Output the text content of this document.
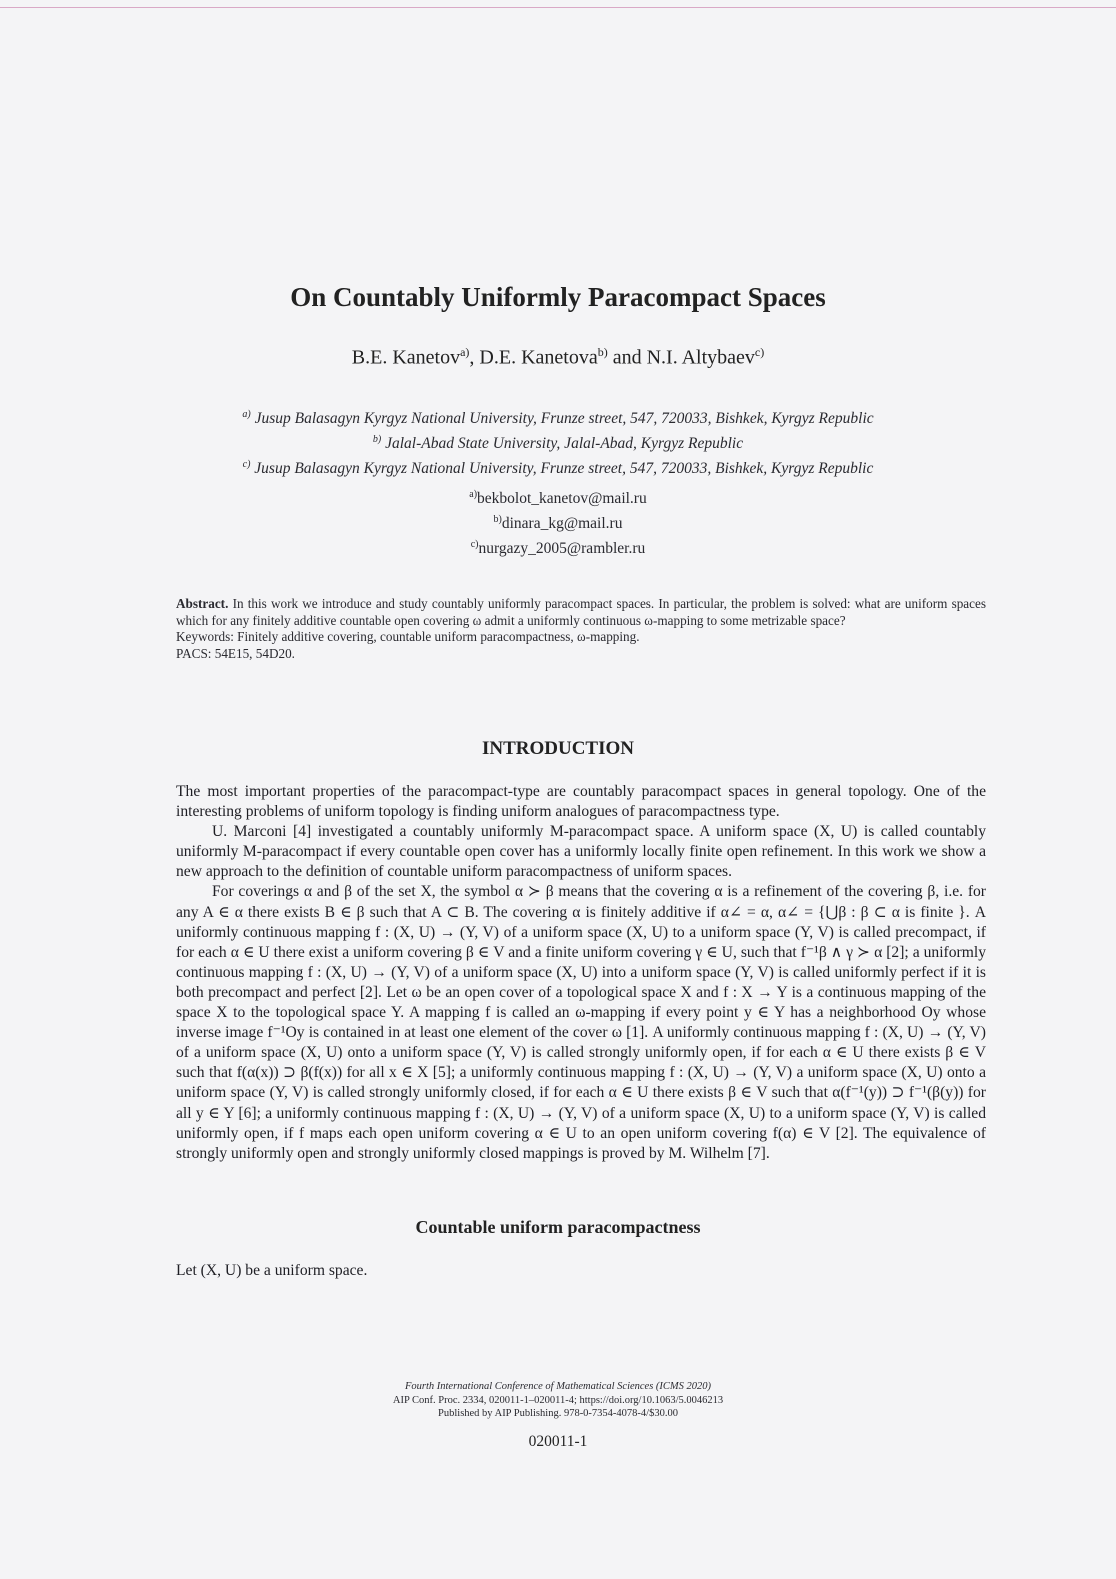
On Countably Uniformly Paracompact Spaces
B.E. Kanetov$^{a)}$, D.E. Kanetova$^{b)}$ and N.I. Altybaev$^{c)}$
$^{a)}$ Jusup Balasagyn Kyrgyz National University, Frunze street, 547, 720033, Bishkek, Kyrgyz Republic
$^{b)}$ Jalal-Abad State University, Jalal-Abad, Kyrgyz Republic
$^{c)}$ Jusup Balasagyn Kyrgyz National University, Frunze street, 547, 720033, Bishkek, Kyrgyz Republic
$^{a)}$bekbolot_kanetov@mail.ru
$^{b)}$dinara_kg@mail.ru
$^{c)}$nurgazy_2005@rambler.ru
Abstract. In this work we introduce and study countably uniformly paracompact spaces. In particular, the problem is solved: what are uniform spaces which for any finitely additive countable open covering ω admit a uniformly continuous ω-mapping to some metrizable space?

Keywords: Finitely additive covering, countable uniform paracompactness, ω-mapping.

PACS: 54E15, 54D20.

INTRODUCTION

The most important properties of the paracompact-type are countably paracompact spaces in general topology. One of the interesting problems of uniform topology is finding uniform analogues of paracompactness type.

U. Marconi [4] investigated a countably uniformly M-paracompact space. A uniform space (X, U) is called countably uniformly M-paracompact if every countable open cover has a uniformly locally finite open refinement. In this work we show a new approach to the definition of countable uniform paracompactness of uniform spaces.

For coverings α and β of the set X, the symbol α ≻ β means that the covering α is a refinement of the covering β, i.e. for any A ∈ α there exists B ∈ β such that A ⊂ B. The covering α is finitely additive if α∠ = α, α∠ = {⋃β : β ⊂ α is finite }. A uniformly continuous mapping f : (X, U) → (Y, V) of a uniform space (X, U) to a uniform space (Y, V) is called precompact, if for each α ∈ U there exist a uniform covering β ∈ V and a finite uniform covering γ ∈ U, such that f⁻¹β ∧ γ ≻ α [2]; a uniformly continuous mapping f : (X, U) → (Y, V) of a uniform space (X, U) into a uniform space (Y, V) is called uniformly perfect if it is both precompact and perfect [2]. Let ω be an open cover of a topological space X and f : X → Y is a continuous mapping of the space X to the topological space Y. A mapping f is called an ω-mapping if every point y ∈ Y has a neighborhood Oy whose inverse image f⁻¹Oy is contained in at least one element of the cover ω [1]. A uniformly continuous mapping f : (X, U) → (Y, V) of a uniform space (X, U) onto a uniform space (Y, V) is called strongly uniformly open, if for each α ∈ U there exists β ∈ V such that f(α(x)) ⊃ β(f(x)) for all x ∈ X [5]; a uniformly continuous mapping f : (X, U) → (Y, V) a uniform space (X, U) onto a uniform space (Y, V) is called strongly uniformly closed, if for each α ∈ U there exists β ∈ V such that α(f⁻¹(y)) ⊃ f⁻¹(β(y)) for all y ∈ Y [6]; a uniformly continuous mapping f : (X, U) → (Y, V) of a uniform space (X, U) to a uniform space (Y, V) is called uniformly open, if f maps each open uniform covering α ∈ U to an open uniform covering f(α) ∈ V [2]. The equivalence of strongly uniformly open and strongly uniformly closed mappings is proved by M. Wilhelm [7].

Countable uniform paracompactness
Let (X, U) be a uniform space.
Fourth International Conference of Mathematical Sciences (ICMS 2020)
AIP Conf. Proc. 2334, 020011-1–020011-4; https://doi.org/10.1063/5.0046213
Published by AIP Publishing. 978-0-7354-4078-4/$30.00
020011-1
